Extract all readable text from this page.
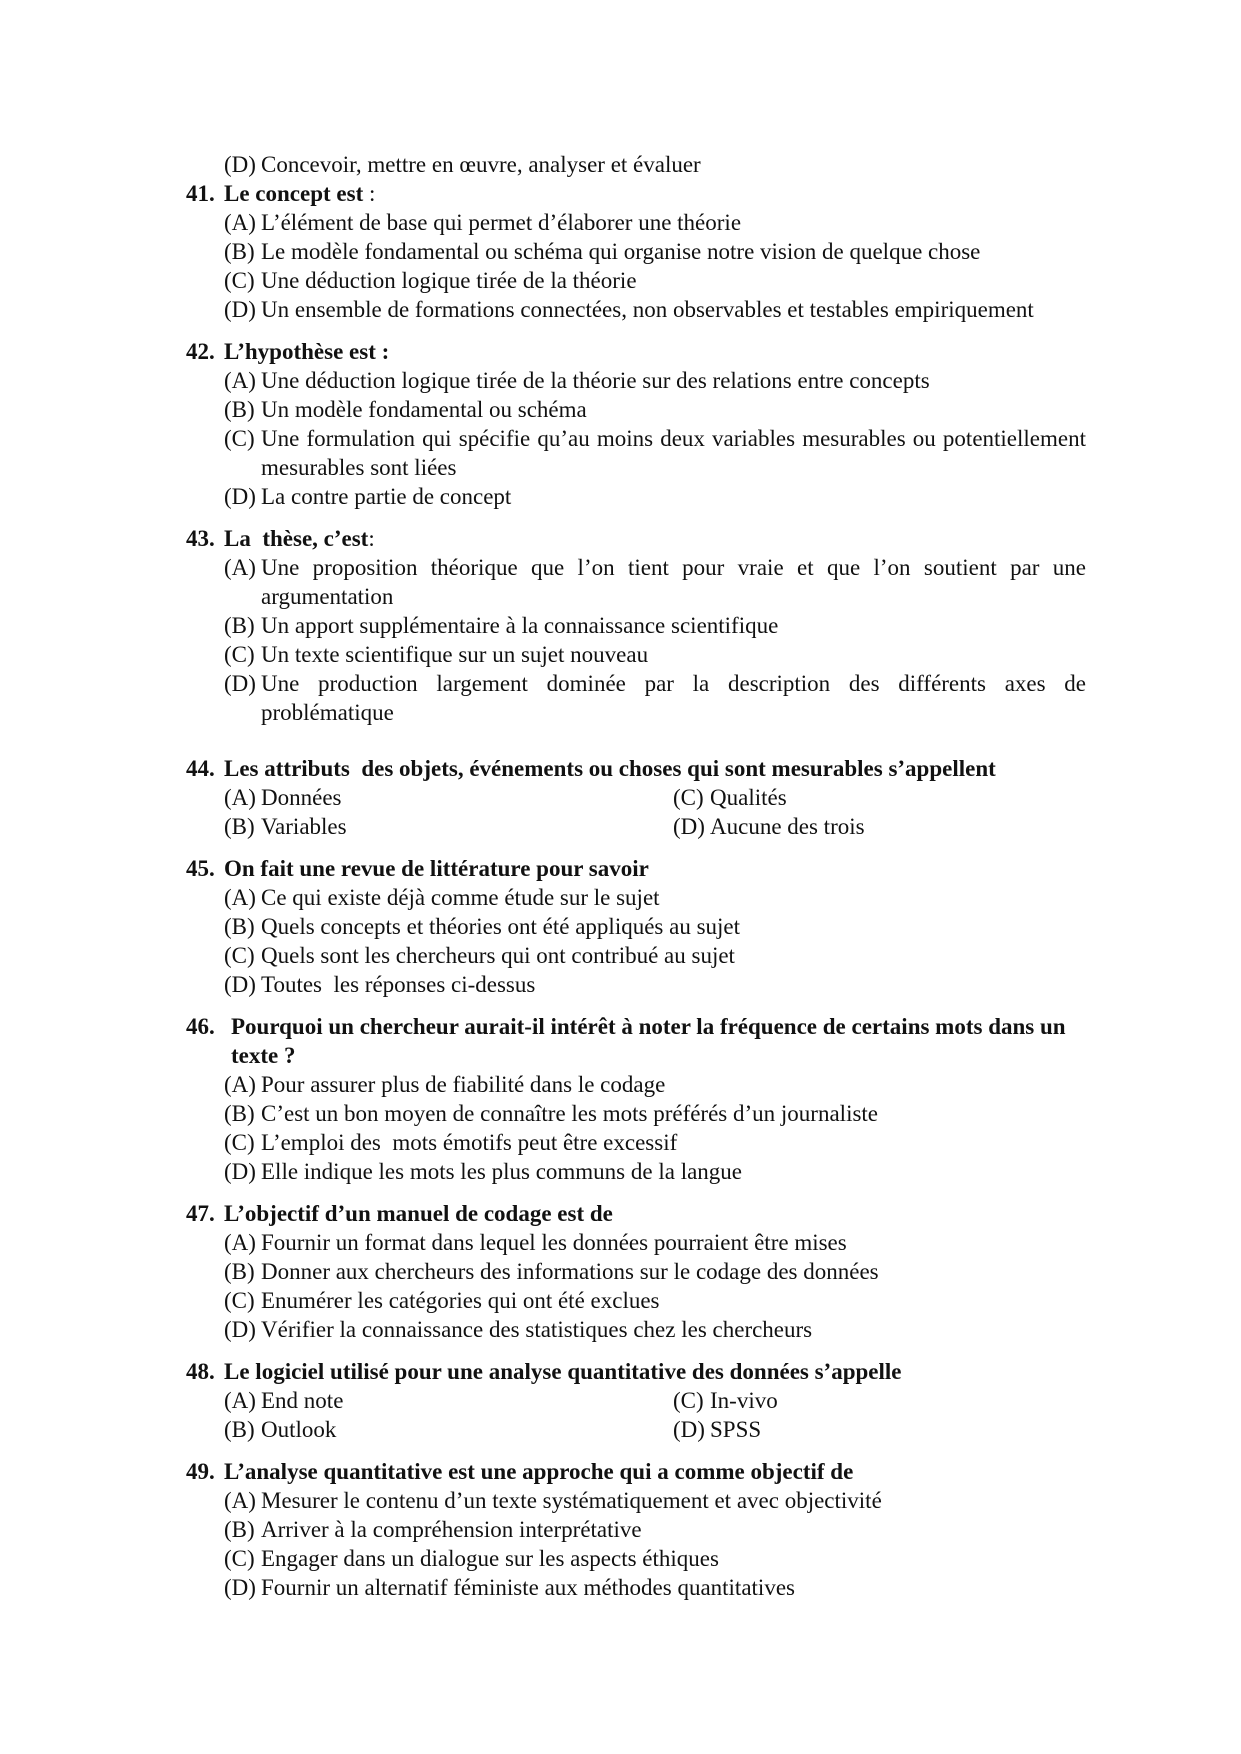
(D) Concevoir, mettre en œuvre, analyser et évaluer
41. Le concept est :
(A) L’élément de base qui permet d’élaborer une théorie
(B) Le modèle fondamental ou schéma qui organise notre vision de quelque chose
(C) Une déduction logique tirée de la théorie
(D) Un ensemble de formations connectées, non observables et testables empiriquement
42. L’hypothèse est :
(A) Une déduction logique tirée de la théorie sur des relations entre concepts
(B) Un modèle fondamental ou schéma
(C) Une formulation qui spécifie qu’au moins deux variables mesurables ou potentiellement mesurables sont liées
(D) La contre partie de concept
43. La  thèse, c’est:
(A) Une proposition théorique que l’on tient pour vraie et que l’on soutient par une argumentation
(B) Un apport supplémentaire à la connaissance scientifique
(C) Un texte scientifique sur un sujet nouveau
(D) Une production largement dominée par la description des différents axes de problématique
44. Les attributs  des objets, événements ou choses qui sont mesurables s’appellent
(A) Données	(C) Qualités
(B) Variables	(D) Aucune des trois
45. On fait une revue de littérature pour savoir
(A) Ce qui existe déjà comme étude sur le sujet
(B) Quels concepts et théories ont été appliqués au sujet
(C) Quels sont les chercheurs qui ont contribué au sujet
(D) Toutes  les réponses ci-dessus
46. Pourquoi un chercheur aurait-il intérêt à noter la fréquence de certains mots dans un texte ?
(A) Pour assurer plus de fiabilité dans le codage
(B) C’est un bon moyen de connaître les mots préférés d’un journaliste
(C) L’emploi des  mots émotifs peut être excessif
(D) Elle indique les mots les plus communs de la langue
47. L’objectif d’un manuel de codage est de
(A) Fournir un format dans lequel les données pourraient être mises
(B) Donner aux chercheurs des informations sur le codage des données
(C) Enumérer les catégories qui ont été exclues
(D) Vérifier la connaissance des statistiques chez les chercheurs
48. Le logiciel utilisé pour une analyse quantitative des données s’appelle
(A) End note	(C) In-vivo
(B) Outlook	(D) SPSS
49. L’analyse quantitative est une approche qui a comme objectif de
(A) Mesurer le contenu d’un texte systématiquement et avec objectivité
(B) Arriver à la compréhension interprétative
(C) Engager dans un dialogue sur les aspects éthiques
(D) Fournir un alternatif féministe aux méthodes quantitatives
